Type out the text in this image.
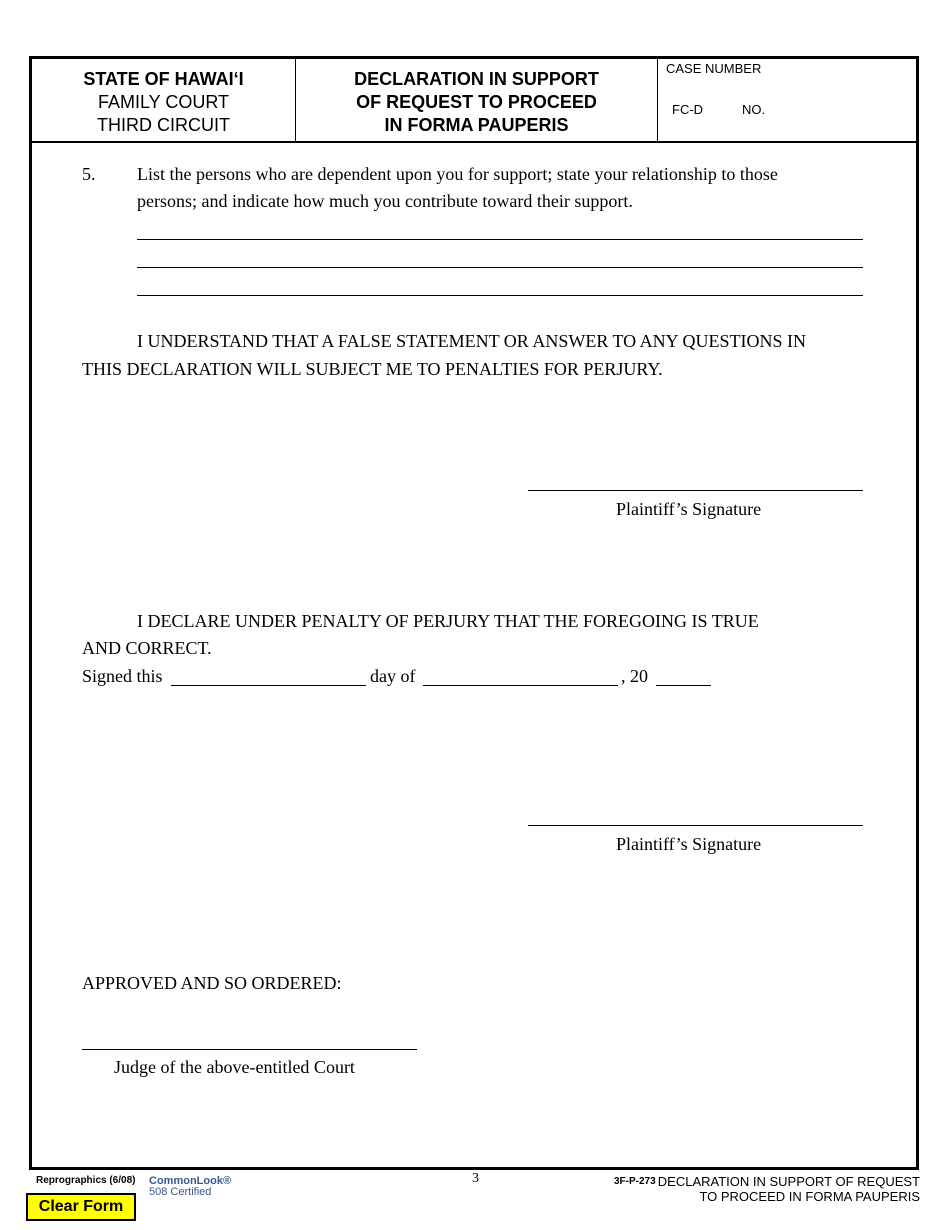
STATE OF HAWAI‘I
FAMILY COURT
THIRD CIRCUIT
DECLARATION IN SUPPORT
OF REQUEST TO PROCEED
IN FORMA PAUPERIS
CASE NUMBER
FC-D	NO.
5. List the persons who are dependent upon you for support; state your relationship to those
persons; and indicate how much you contribute toward their support.
I UNDERSTAND THAT A FALSE STATEMENT OR ANSWER TO ANY QUESTIONS IN
THIS DECLARATION WILL SUBJECT ME TO PENALTIES FOR PERJURY.
Plaintiff’s Signature
I DECLARE UNDER PENALTY OF PERJURY THAT THE FOREGOING IS TRUE
AND CORRECT.
Signed this	day of	, 20
Plaintiff’s Signature
APPROVED AND SO ORDERED:
Judge of the above-entitled Court
Reprographics (6/08) CommonLook®
508 Certified
3	3F-P-273 DECLARATION IN SUPPORT OF REQUEST
TO PROCEED IN FORMA PAUPERIS
Clear Form
